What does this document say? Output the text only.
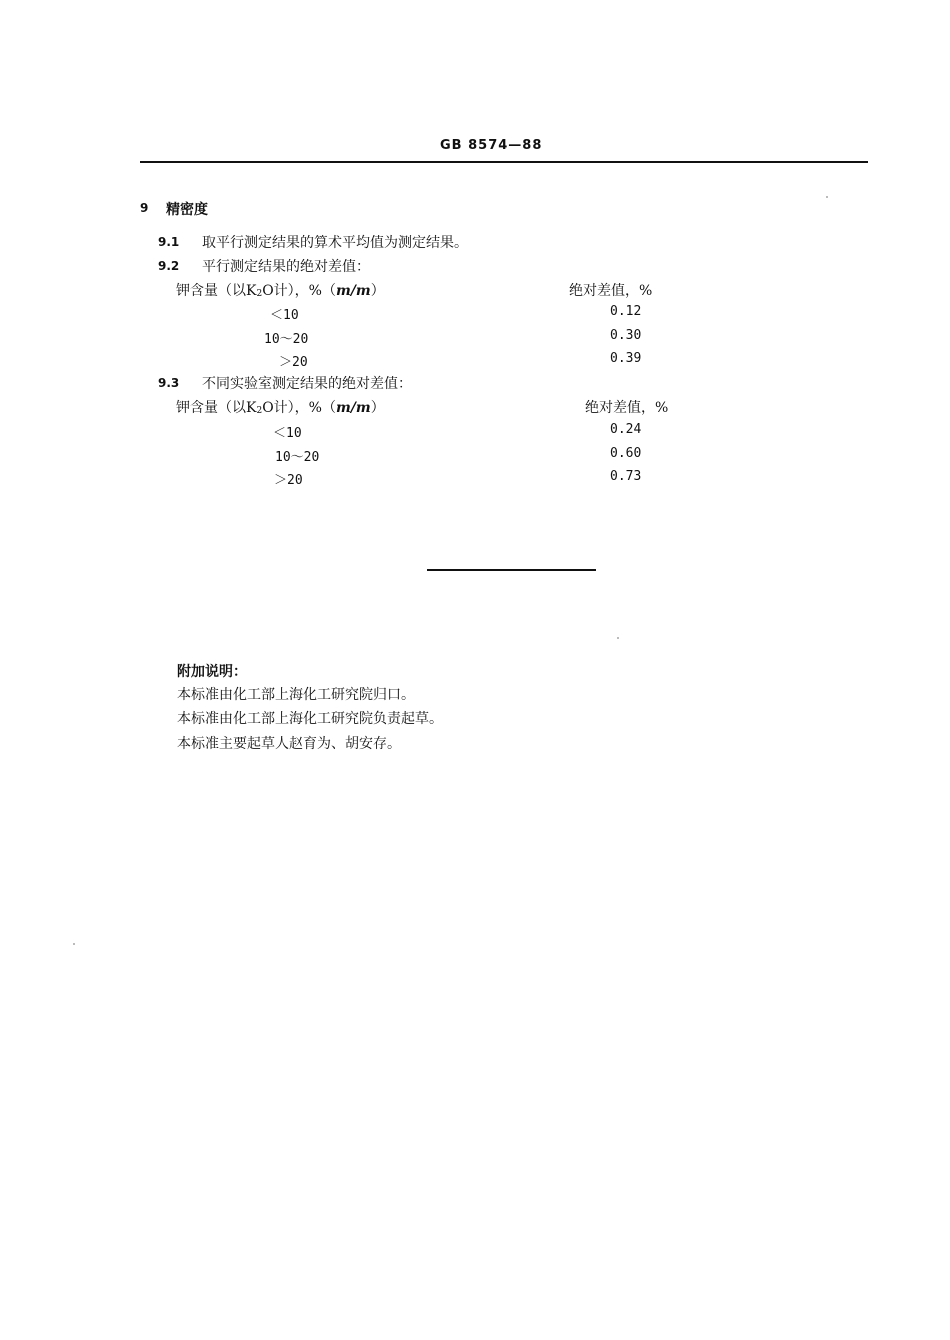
GB 8574—88
9 精密度
9.1 取平行测定结果的算术平均值为测定结果。
9.2 平行测定结果的绝对差值：
钾含量（以K2O计），%（m/m）	绝对差值，%
＜10	0.12
10～20	0.30
＞20	0.39
9.3 不同实验室测定结果的绝对差值：
钾含量（以K2O计），%（m/m）	绝对差值，%
＜10	0.24
10～20	0.60
＞20	0.73
附加说明：
本标准由化工部上海化工研究院归口。
本标准由化工部上海化工研究院负责起草。
本标准主要起草人赵育为、胡安存。
